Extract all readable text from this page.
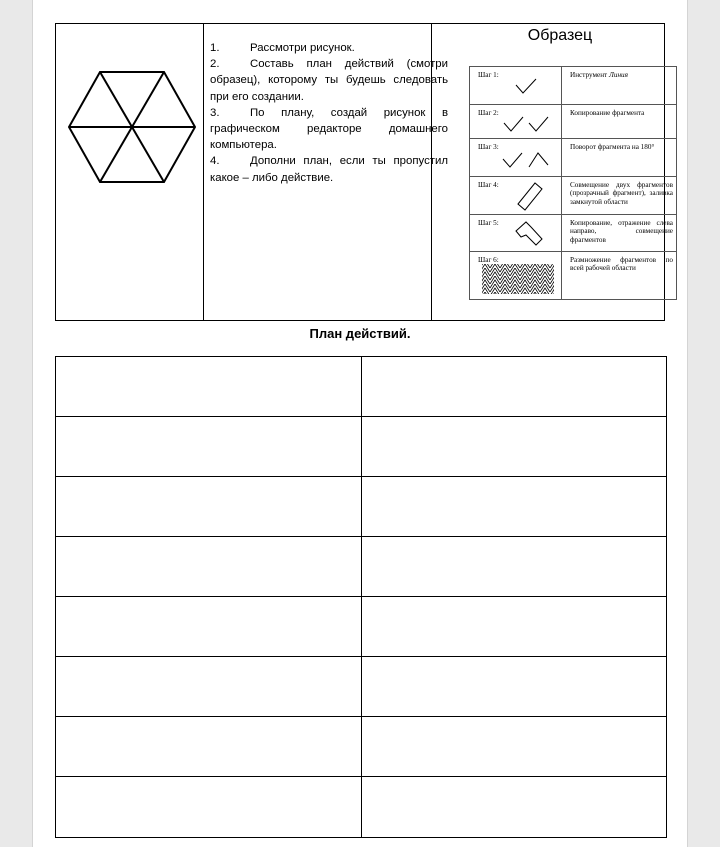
1.	Рассмотри рисунок.
2.	Составь план действий (смотри образец), которому ты будешь следовать при его создании.
3.	По плану, создай рисунок в графическом редакторе домашнего компьютера.
4.	Дополни план, если ты пропустил какое – либо действие.
Образец
Шаг 1:	Инструмент Линия
Шаг 2:	Копирование фрагмента
Шаг 3:	Поворот фрагмента на 180°
Шаг 4:	Совмещение двух фрагментов (прозрачный фрагмент), заливка замкнутой области
Шаг 5:	Копирование, отражение слева направо, совмещение фрагментов
Шаг 6:	Размножение фрагментов по всей рабочей области
План действий.
